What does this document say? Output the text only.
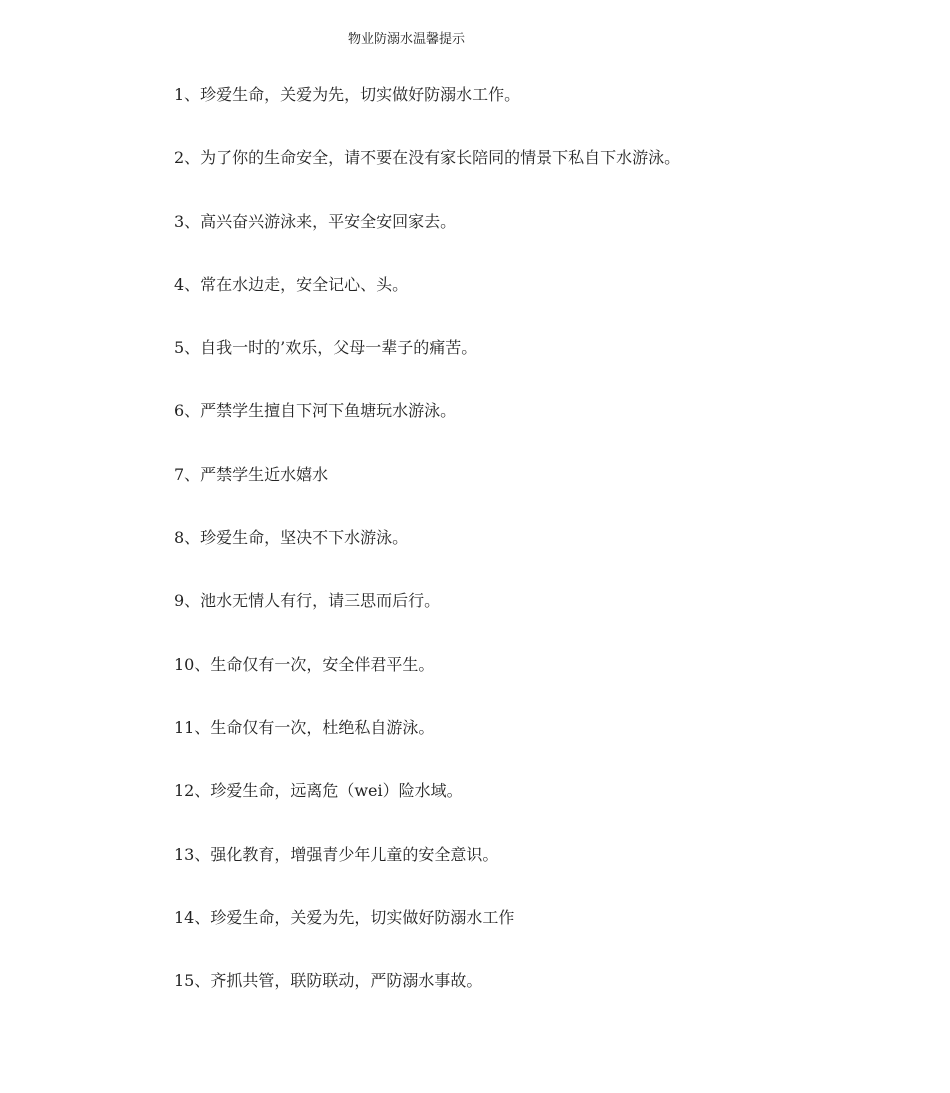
物业防溺水温馨提示
1、珍爱生命，关爱为先，切实做好防溺水工作。
2、为了你的生命安全，请不要在没有家长陪同的情景下私自下水游泳。
3、高兴奋兴游泳来，平安全安回家去。
4、常在水边走，安全记心、头。
5、自我一时的’欢乐，父母一辈子的痛苦。
6、严禁学生擅自下河下鱼塘玩水游泳。
7、严禁学生近水嬉水
8、珍爱生命，坚决不下水游泳。
9、池水无情人有行，请三思而后行。
10、生命仅有一次，安全伴君平生。
11、生命仅有一次，杜绝私自游泳。
12、珍爱生命，远离危（wei）险水域。
13、强化教育，增强青少年儿童的安全意识。
14、珍爱生命，关爱为先，切实做好防溺水工作
15、齐抓共管，联防联动，严防溺水事故。
